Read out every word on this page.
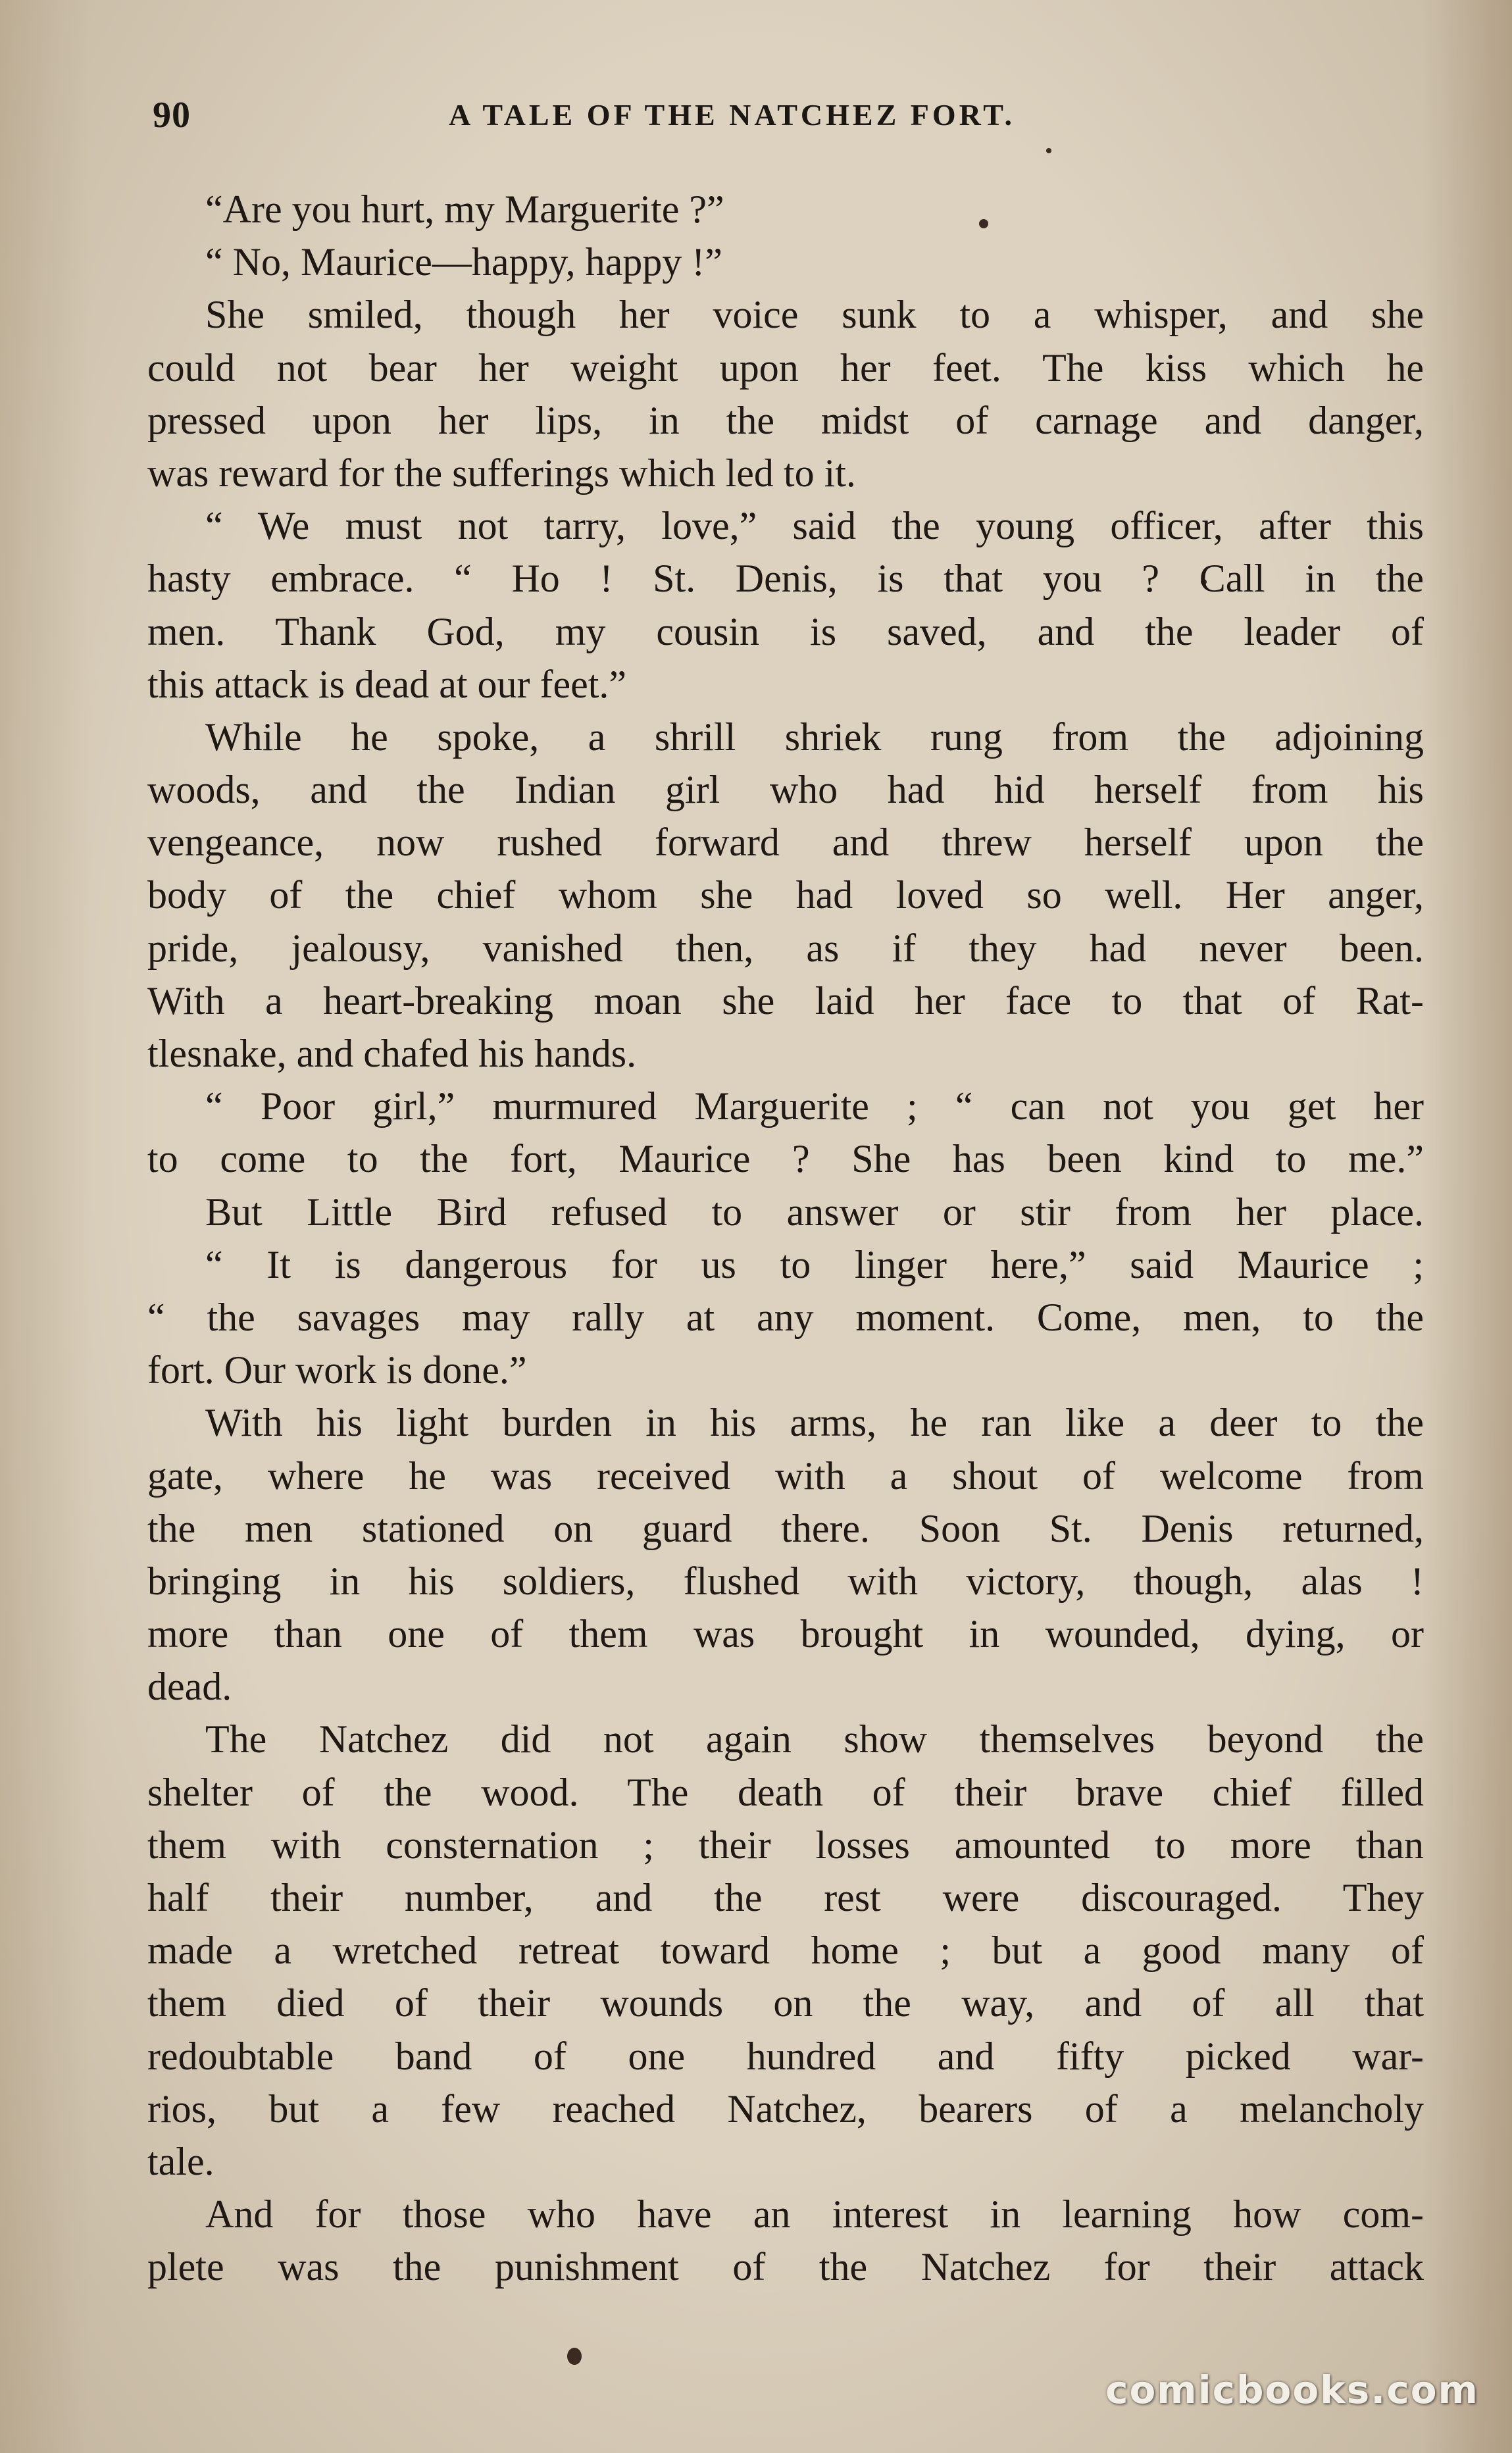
90	A TALE OF THE NATCHEZ FORT.
“Are you hurt, my Marguerite ?”
“ No, Maurice—happy, happy !”
She smiled, though her voice sunk to a whisper, and she
could not bear her weight upon her feet. The kiss which he
pressed upon her lips, in the midst of carnage and danger,
was reward for the sufferings which led to it.
“ We must not tarry, love,” said the young officer, after this
hasty embrace. “ Ho ! St. Denis, is that you ? Call in the
men. Thank God, my cousin is saved, and the leader of
this attack is dead at our feet.”
While he spoke, a shrill shriek rung from the adjoining
woods, and the Indian girl who had hid herself from his
vengeance, now rushed forward and threw herself upon the
body of the chief whom she had loved so well. Her anger,
pride, jealousy, vanished then, as if they had never been.
With a heart-breaking moan she laid her face to that of Rat-
tlesnake, and chafed his hands.
“ Poor girl,” murmured Marguerite ; “ can not you get her
to come to the fort, Maurice ? She has been kind to me.”
But Little Bird refused to answer or stir from her place.
“ It is dangerous for us to linger here,” said Maurice ;
“ the savages may rally at any moment. Come, men, to the
fort. Our work is done.”
With his light burden in his arms, he ran like a deer to the
gate, where he was received with a shout of welcome from
the men stationed on guard there. Soon St. Denis returned,
bringing in his soldiers, flushed with victory, though, alas !
more than one of them was brought in wounded, dying, or
dead.
The Natchez did not again show themselves beyond the
shelter of the wood. The death of their brave chief filled
them with consternation ; their losses amounted to more than
half their number, and the rest were discouraged. They
made a wretched retreat toward home ; but a good many of
them died of their wounds on the way, and of all that
redoubtable band of one hundred and fifty picked war-
rios, but a few reached Natchez, bearers of a melancholy
tale.
And for those who have an interest in learning how com-
plete was the punishment of the Natchez for their attack
comicbooks.com
